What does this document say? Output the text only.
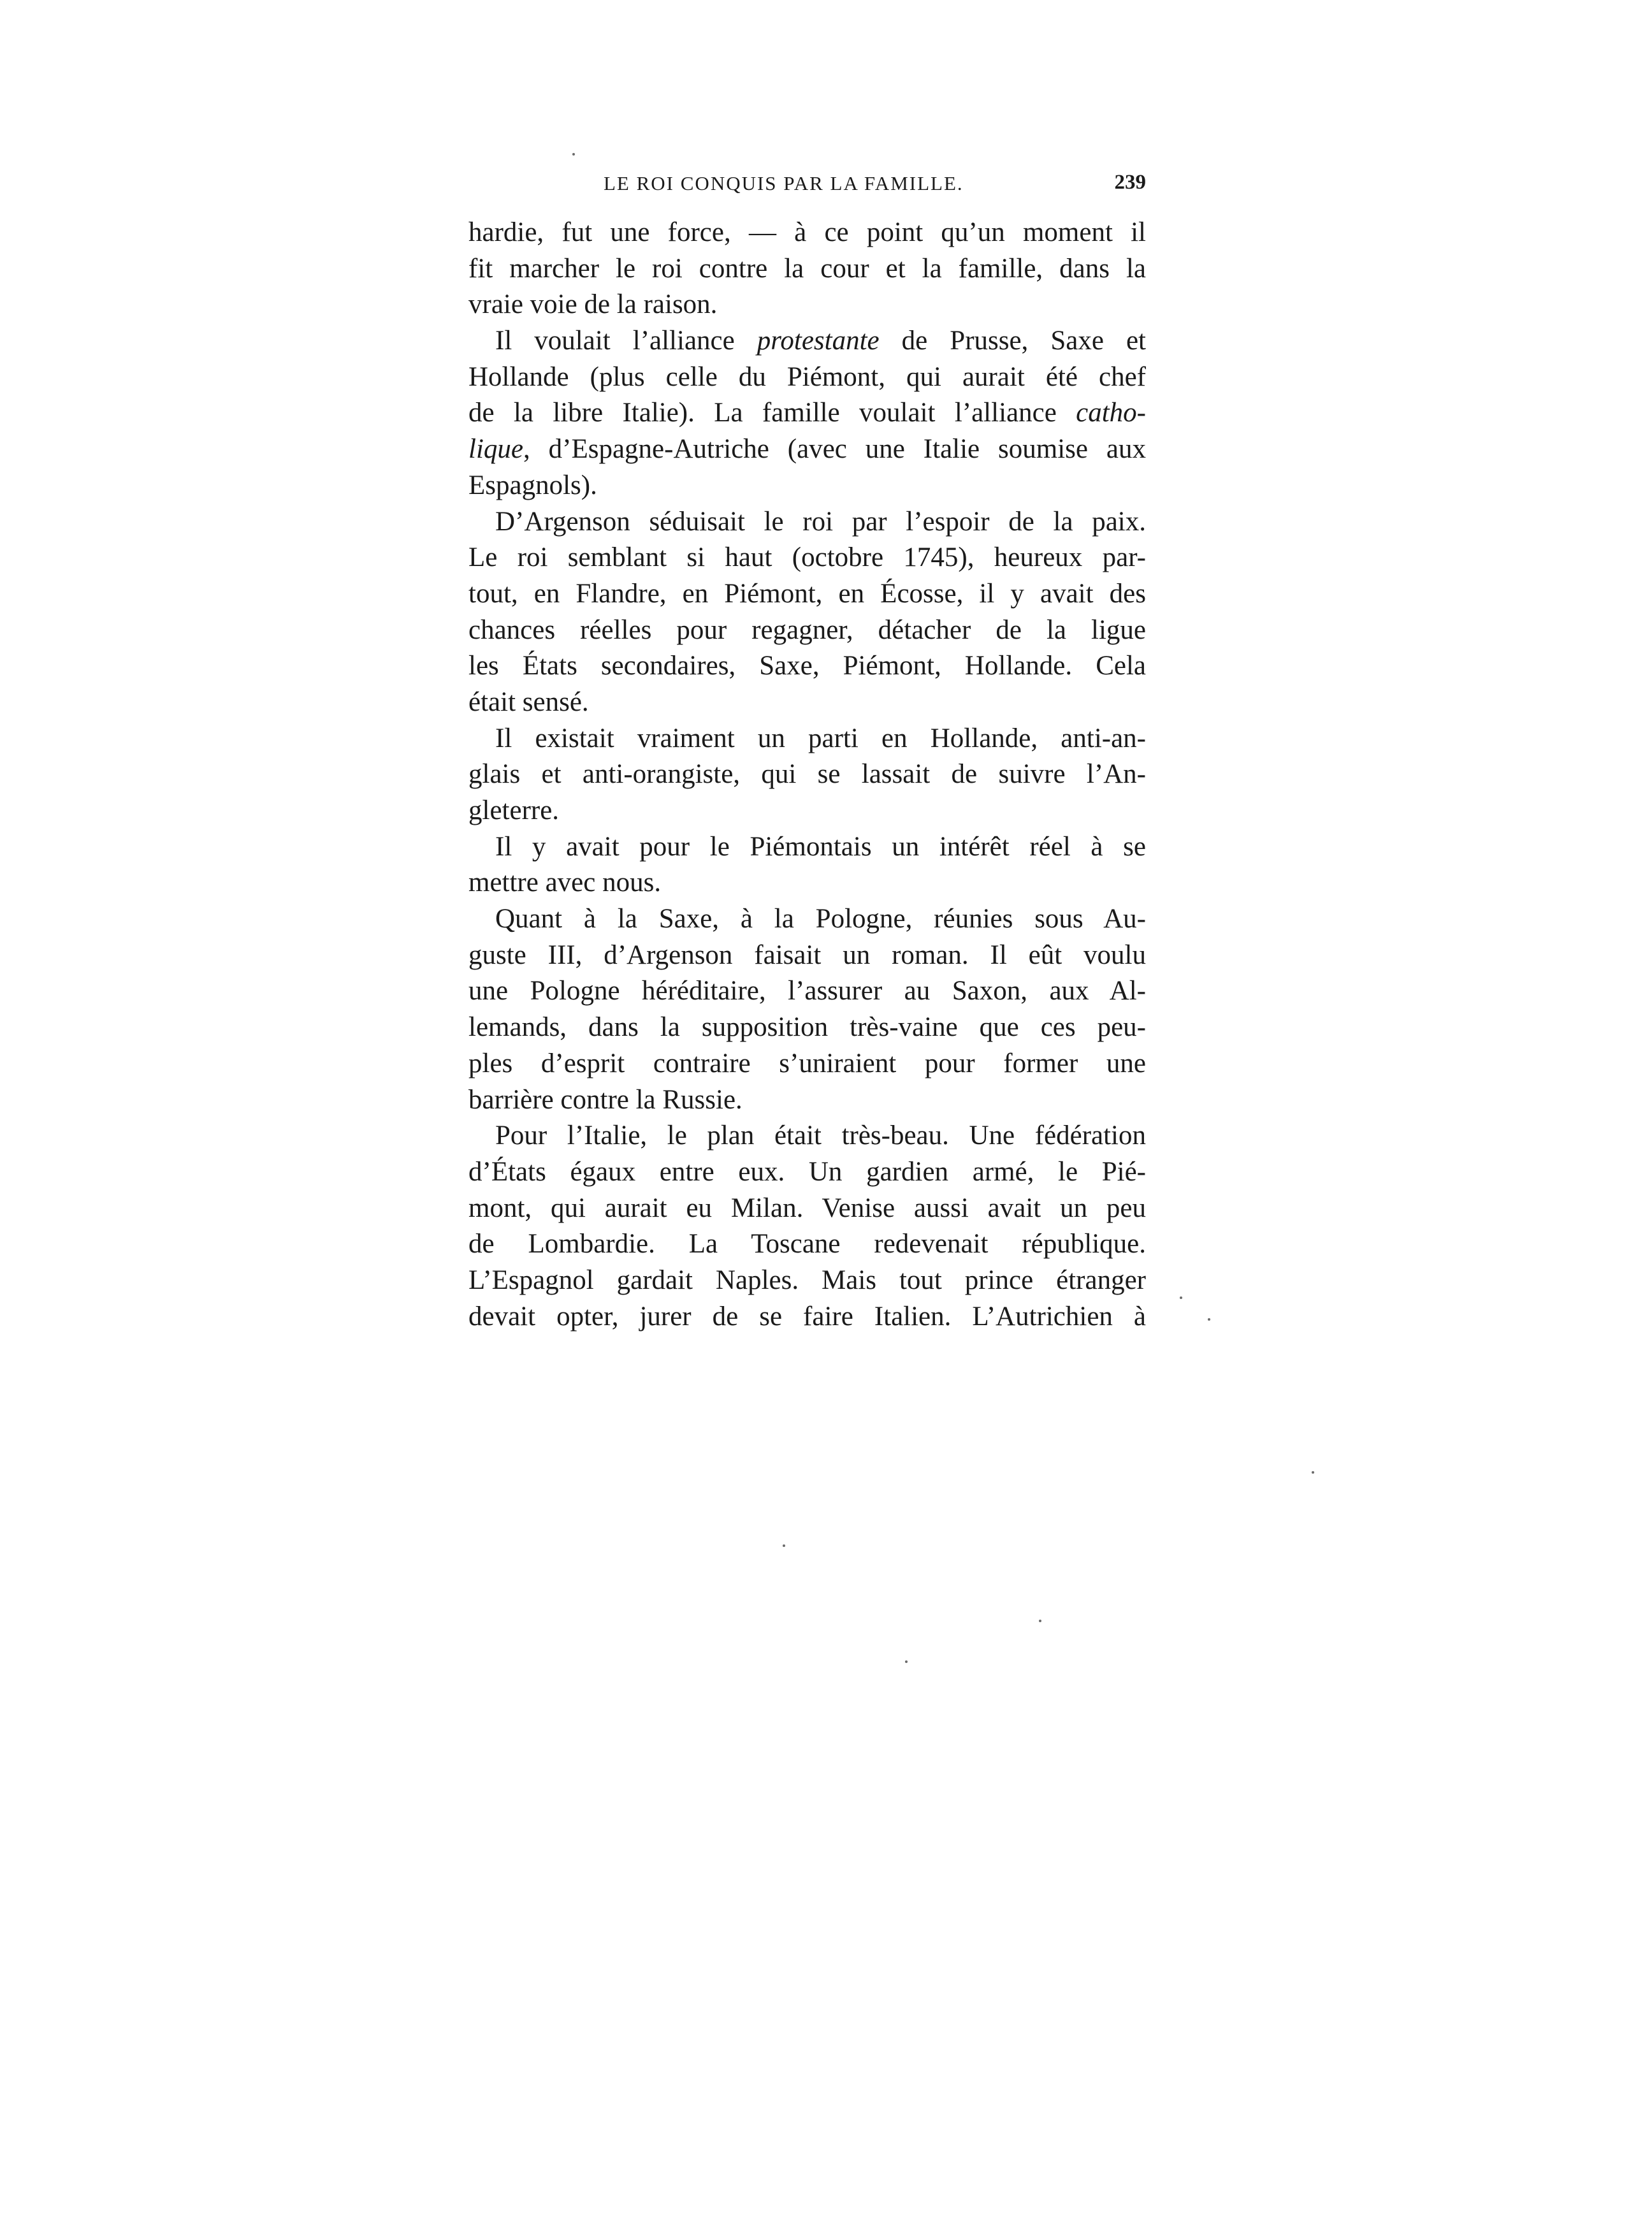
LE ROI CONQUIS PAR LA FAMILLE.	239
hardie, fut une force, — à ce point qu’un moment il
fit marcher le roi contre la cour et la famille, dans la
vraie voie de la raison.
Il voulait l’alliance protestante de Prusse, Saxe et
Hollande (plus celle du Piémont, qui aurait été chef
de la libre Italie). La famille voulait l’alliance catho-
lique, d’Espagne-Autriche (avec une Italie soumise aux
Espagnols).
D’Argenson séduisait le roi par l’espoir de la paix.
Le roi semblant si haut (octobre 1745), heureux par-
tout, en Flandre, en Piémont, en Écosse, il y avait des
chances réelles pour regagner, détacher de la ligue
les États secondaires, Saxe, Piémont, Hollande. Cela
était sensé.
Il existait vraiment un parti en Hollande, anti-an-
glais et anti-orangiste, qui se lassait de suivre l’An-
gleterre.
Il y avait pour le Piémontais un intérêt réel à se
mettre avec nous.
Quant à la Saxe, à la Pologne, réunies sous Au-
guste III, d’Argenson faisait un roman. Il eût voulu
une Pologne héréditaire, l’assurer au Saxon, aux Al-
lemands, dans la supposition très-vaine que ces peu-
ples d’esprit contraire s’uniraient pour former une
barrière contre la Russie.
Pour l’Italie, le plan était très-beau. Une fédération
d’États égaux entre eux. Un gardien armé, le Pié-
mont, qui aurait eu Milan. Venise aussi avait un peu
de Lombardie. La Toscane redevenait république.
L’Espagnol gardait Naples. Mais tout prince étranger
devait opter, jurer de se faire Italien. L’Autrichien à
